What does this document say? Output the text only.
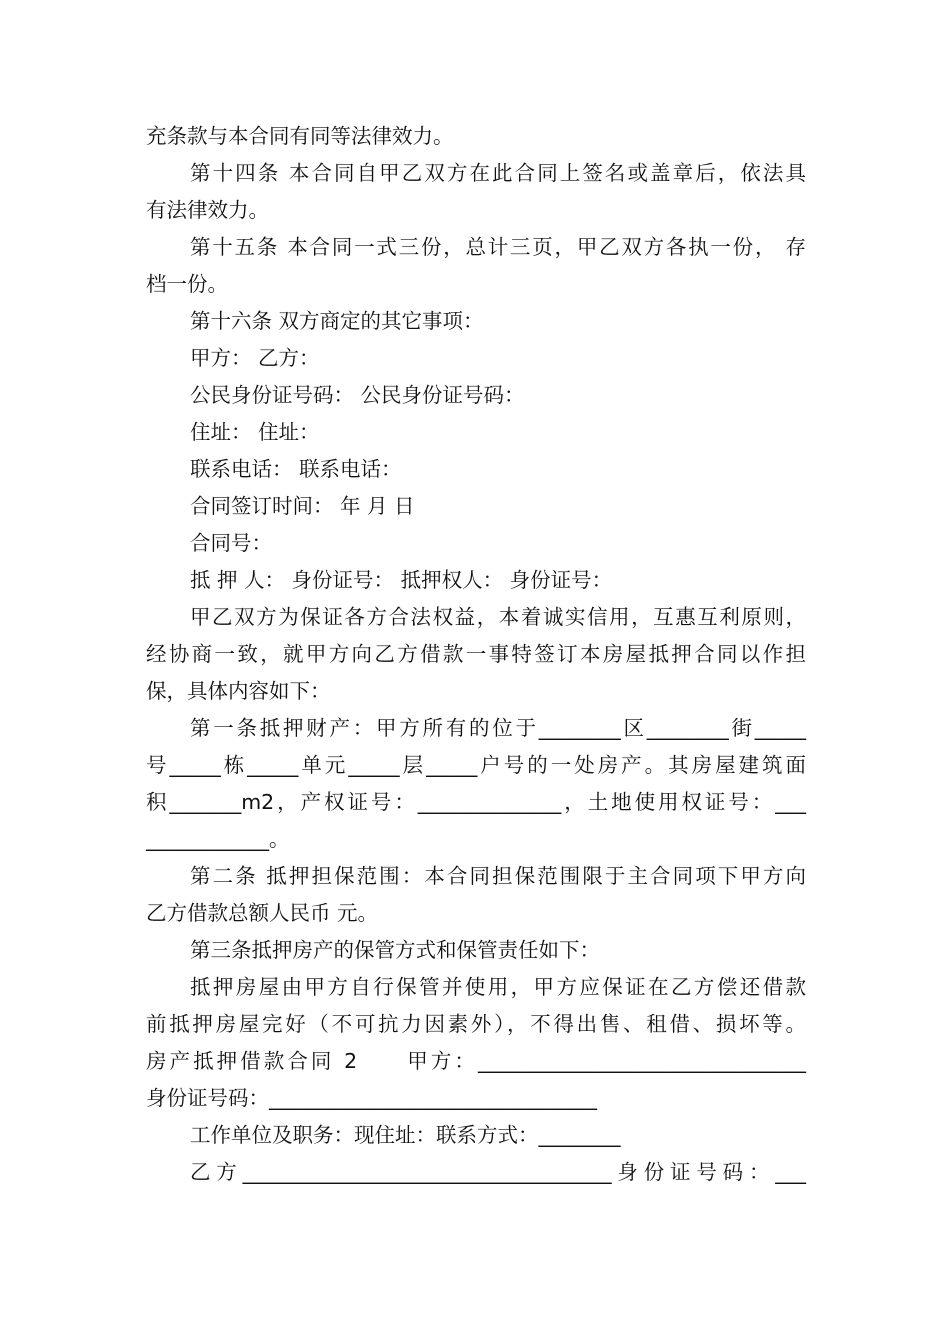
充条款与本合同有同等法律效力。
第十四条 本合同自甲乙双方在此合同上签名或盖章后，依法具
有法律效力。
第十五条 本合同一式三份，总计三页，甲乙双方各执一份， 存
档一份。
第十六条 双方商定的其它事项：
甲方： 乙方：
公民身份证号码： 公民身份证号码：
住址： 住址：
联系电话： 联系电话：
合同签订时间： 年 月 日
合同号：
抵 押 人： 身份证号： 抵押权人： 身份证号：
甲乙双方为保证各方合法权益，本着诚实信用，互惠互利原则，
经协商一致，就甲方向乙方借款一事特签订本房屋抵押合同以作担
保，具体内容如下：
第一条抵押财产：甲方所有的位于________区________街_____
号_____栋_____单元_____层_____户号的一处房产。其房屋建筑面
积_______m2，产权证号：______________，土地使用权证号：___
____________。
第二条 抵押担保范围：本合同担保范围限于主合同项下甲方向
乙方借款总额人民币 元。
第三条抵押房产的保管方式和保管责任如下：
抵押房屋由甲方自行保管并使用，甲方应保证在乙方偿还借款
前抵押房屋完好（不可抗力因素外），不得出售、租借、损坏等。
房产抵押借款合同 2　　甲方：________________________________
身份证号码：________________________________
工作单位及职务：现住址：联系方式：________
乙方____________________________________身份证号码：___
